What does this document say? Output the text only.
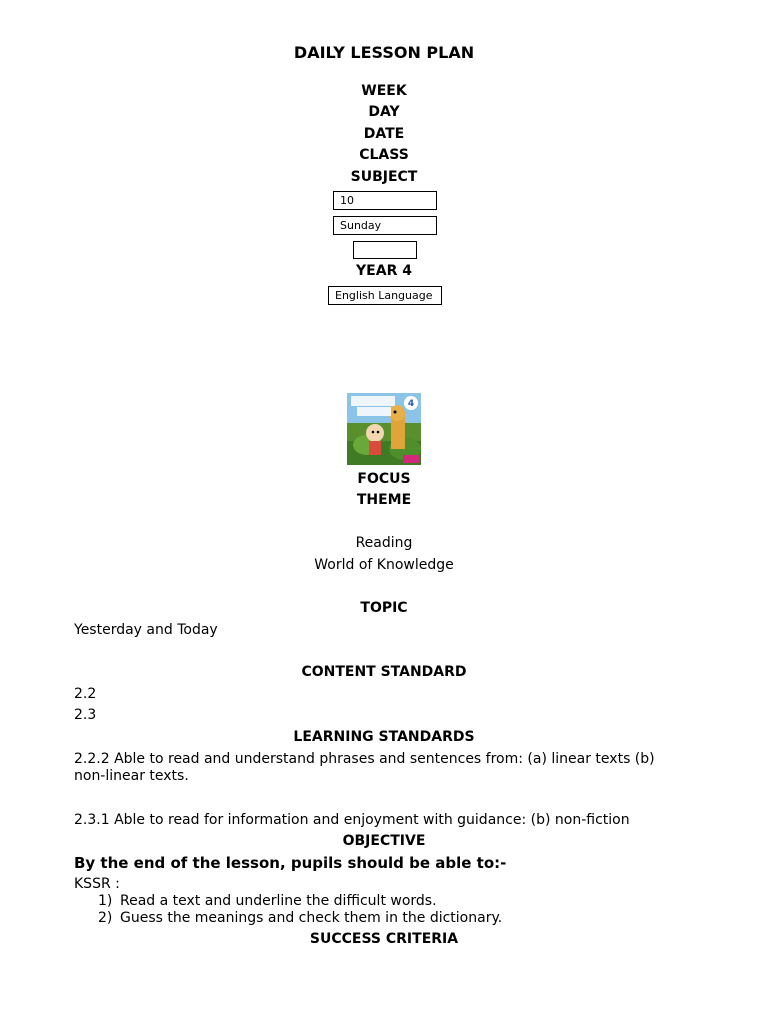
DAILY LESSON PLAN
WEEK
DAY
DATE
CLASS
SUBJECT
10
Sunday
YEAR 4
English Language
4
FOCUS
THEME
Reading
World of Knowledge
TOPIC
Yesterday and Today
CONTENT STANDARD
2.2
2.3
LEARNING STANDARDS
2.2.2 Able to read and understand phrases and sentences from: (a) linear texts (b) non-linear texts.
2.3.1 Able to read for information and enjoyment with guidance: (b) non-fiction
OBJECTIVE
By the end of the lesson, pupils should be able to:-
KSSR :
1) Read a text and underline the difficult words.
2) Guess the meanings and check them in the dictionary.
SUCCESS CRITERIA
